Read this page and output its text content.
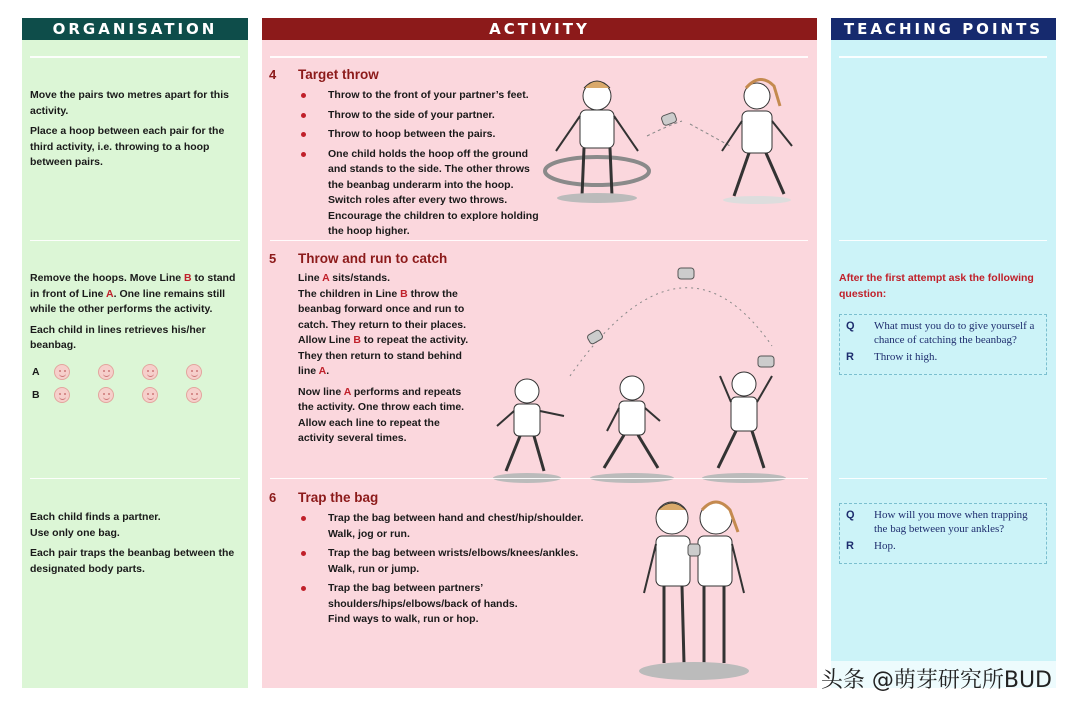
ORGANISATION

Move the pairs two metres apart for this activity.

Place a hoop between each pair for the third activity, i.e. throwing to a hoop between pairs.

Remove the hoops. Move Line B to stand in front of Line A. One line remains still while the other performs the activity.

Each child in lines retrieves his/her beanbag.

A
B

Each child finds a partner.

Use only one bag.

Each pair traps the beanbag between the designated body parts.

ACTIVITY
4 Target throw
Throw to the front of your partner’s feet.
Throw to the side of your partner.
Throw to hoop between the pairs.
One child holds the hoop off the ground and stands to the side. The other throws the beanbag underarm into the hoop. Switch roles after every two throws. Encourage the children to explore holding the hoop higher.
5 Throw and run to catch

Line A sits/stands.

The children in Line B throw the beanbag forward once and run to catch. They return to their places. Allow Line B to repeat the activity. They then return to stand behind line A.

Now line A performs and repeats the activity. One throw each time. Allow each line to repeat the activity several times.

6 Trap the bag
Trap the bag between hand and chest/hip/shoulder. Walk, jog or run.
Trap the bag between wrists/elbows/knees/ankles. Walk, run or jump.
Trap the bag between partners’ shoulders/hips/elbows/back of hands. Find ways to walk, run or hop.
TEACHING POINTS
After the first attempt ask the following question:
Q	What must you do to give yourself a chance of catching the beanbag?
R	Throw it high.
Q	How will you move when trapping the bag between your ankles?
R	Hop.
头条 @萌芽研究所BUD
